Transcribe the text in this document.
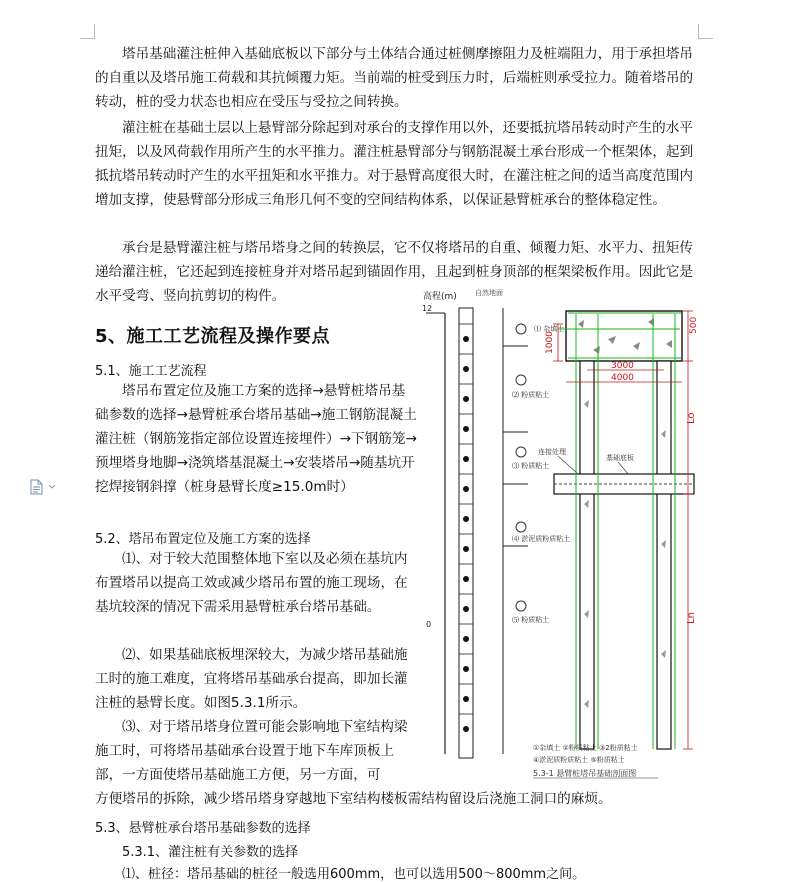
塔吊基础灌注桩伸入基础底板以下部分与土体结合通过桩侧摩擦阻力及桩端阻力，用于承担塔吊的自重以及塔吊施工荷载和其抗倾覆力矩。当前端的桩受到压力时，后端桩则承受拉力。随着塔吊的转动，桩的受力状态也相应在受压与受拉之间转换。

灌注桩在基础土层以上悬臂部分除起到对承台的支撑作用以外，还要抵抗塔吊转动时产生的水平扭矩，以及风荷载作用所产生的水平推力。灌注桩悬臂部分与钢筋混凝土承台形成一个框架体，起到抵抗塔吊转动时产生的水平扭矩和水平推力。对于悬臂高度很大时，在灌注桩之间的适当高度范围内增加支撑，使悬臂部分形成三角形几何不变的空间结构体系，以保证悬臂桩承台的整体稳定性。

承台是悬臂灌注桩与塔吊塔身之间的转换层，它不仅将塔吊的自重、倾覆力矩、水平力、扭矩传递给灌注桩，它还起到连接桩身并对塔吊起到锚固作用，且起到桩身顶部的框架梁板作用。因此它是水平受弯、竖向抗剪切的构件。

5、施工工艺流程及操作要点
5.1、施工工艺流程

塔吊布置定位及施工方案的选择→悬臂桩塔吊基础参数的选择→悬臂桩承台塔吊基础→施工钢筋混凝土灌注桩（钢筋笼指定部位设置连接埋件）→下钢筋笼→预埋塔身地脚→浇筑塔基混凝土→安装塔吊→随基坑开挖焊接钢斜撑（桩身悬臂长度≥15.0m时）

5.2、塔吊布置定位及施工方案的选择

⑴、对于较大范围整体地下室以及必须在基坑内布置塔吊以提高工效或减少塔吊布置的施工现场，在基坑较深的情况下需采用悬臂桩承台塔吊基础。

⑵、如果基础底板埋深较大，为减少塔吊基础施工时的施工难度，宜将塔吊基础承台提高，即加长灌注桩的悬臂长度。如图5.3.1所示。

⑶、对于塔吊塔身位置可能会影响地下室结构梁施工时，可将塔吊基础承台设置于地下车库顶板上部，一方面使塔吊基础施工方便，另一方面，可

方便塔吊的拆除，减少塔吊塔身穿越地下室结构楼板需结构留设后浇施工洞口的麻烦。

5.3、悬臂桩承台塔吊基础参数的选择
5.3.1、灌注桩有关参数的选择
⑴、桩径：塔吊基础的桩径一般选用600mm，也可以选用500～800mm之间。
高程(m)	自然地面
12
0
⑴ 杂填土
⑵ 粉质粘土
⑶ 粉质粘土
⑷ 淤泥质粉质粘土
⑸ 粉质粘土
连接处理
基础底板
500
1000
3000
4000
Lo
Ln
①杂填土 ②粉质粘土 ③2粉质粘土
④淤泥质粉质粘土 ⑤粉质粘土
5.3-1 悬臂桩塔吊基础剖面图
